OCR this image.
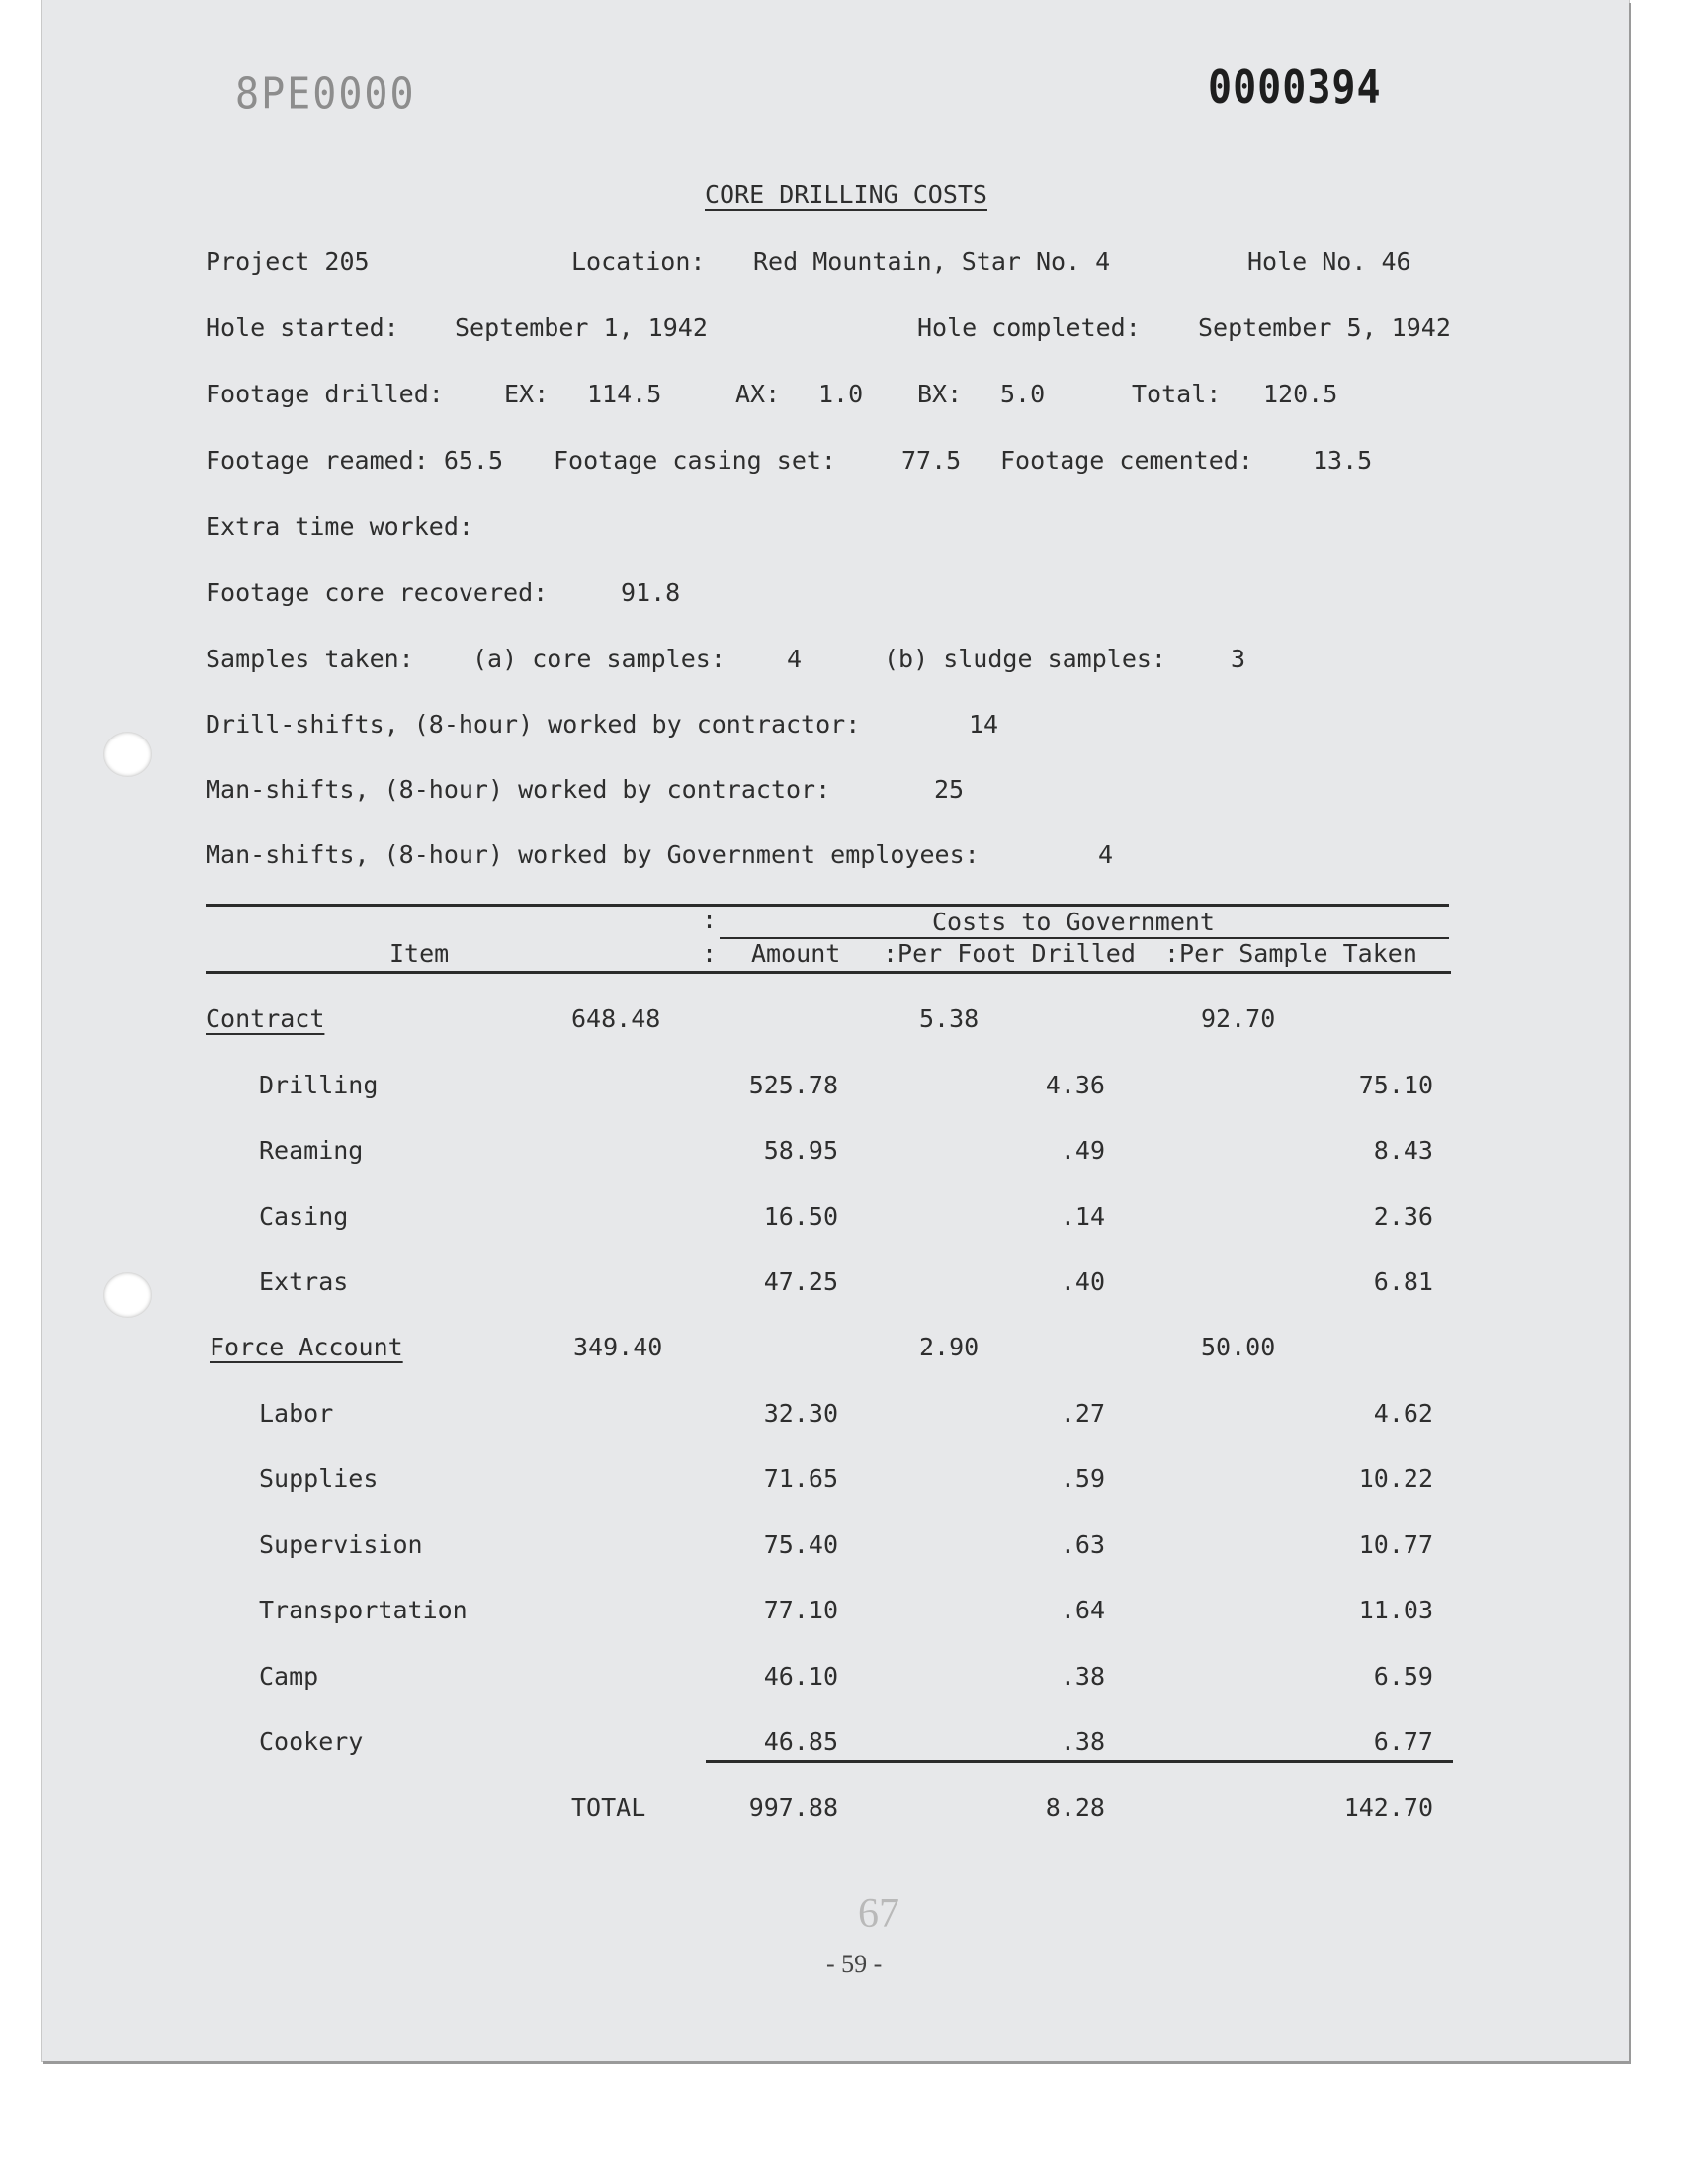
8PE0000	0000394
CORE DRILLING COSTS
Project 205	Location: Red Mountain, Star No. 4	Hole No. 46
Hole started: September 1, 1942	Hole completed: September 5, 1942
Footage drilled: EX: 114.5	AX: 1.0 BX: 5.0	Total: 120.5
Footage reamed: 65.5 Footage casing set:	77.5 Footage cemented: 13.5
Extra time worked:
Footage core recovered:	91.8
Samples taken: (a) core samples: 4	(b) sludge samples:	3
Drill-shifts, (8-hour) worked by contractor:	14
Man-shifts, (8-hour) worked by contractor:	25
Man-shifts, (8-hour) worked by Government employees:	4
:	Costs to Government
Item	: Amount :Per Foot Drilled :Per Sample Taken
Contract	648.48	5.38	92.70
Drilling	525.78	4.36	75.10
Reaming	58.95	.49	8.43
Casing	16.50	.14	2.36
Extras	47.25	.40	6.81
Force Account	349.40	2.90	50.00
Labor	32.30	.27	4.62
Supplies	71.65	.59	10.22
Supervision	75.40	.63	10.77
Transportation	77.10	.64	11.03
Camp	46.10	.38	6.59
Cookery	46.85	.38	6.77
TOTAL	997.88	8.28	142.70
67
- 59 -
